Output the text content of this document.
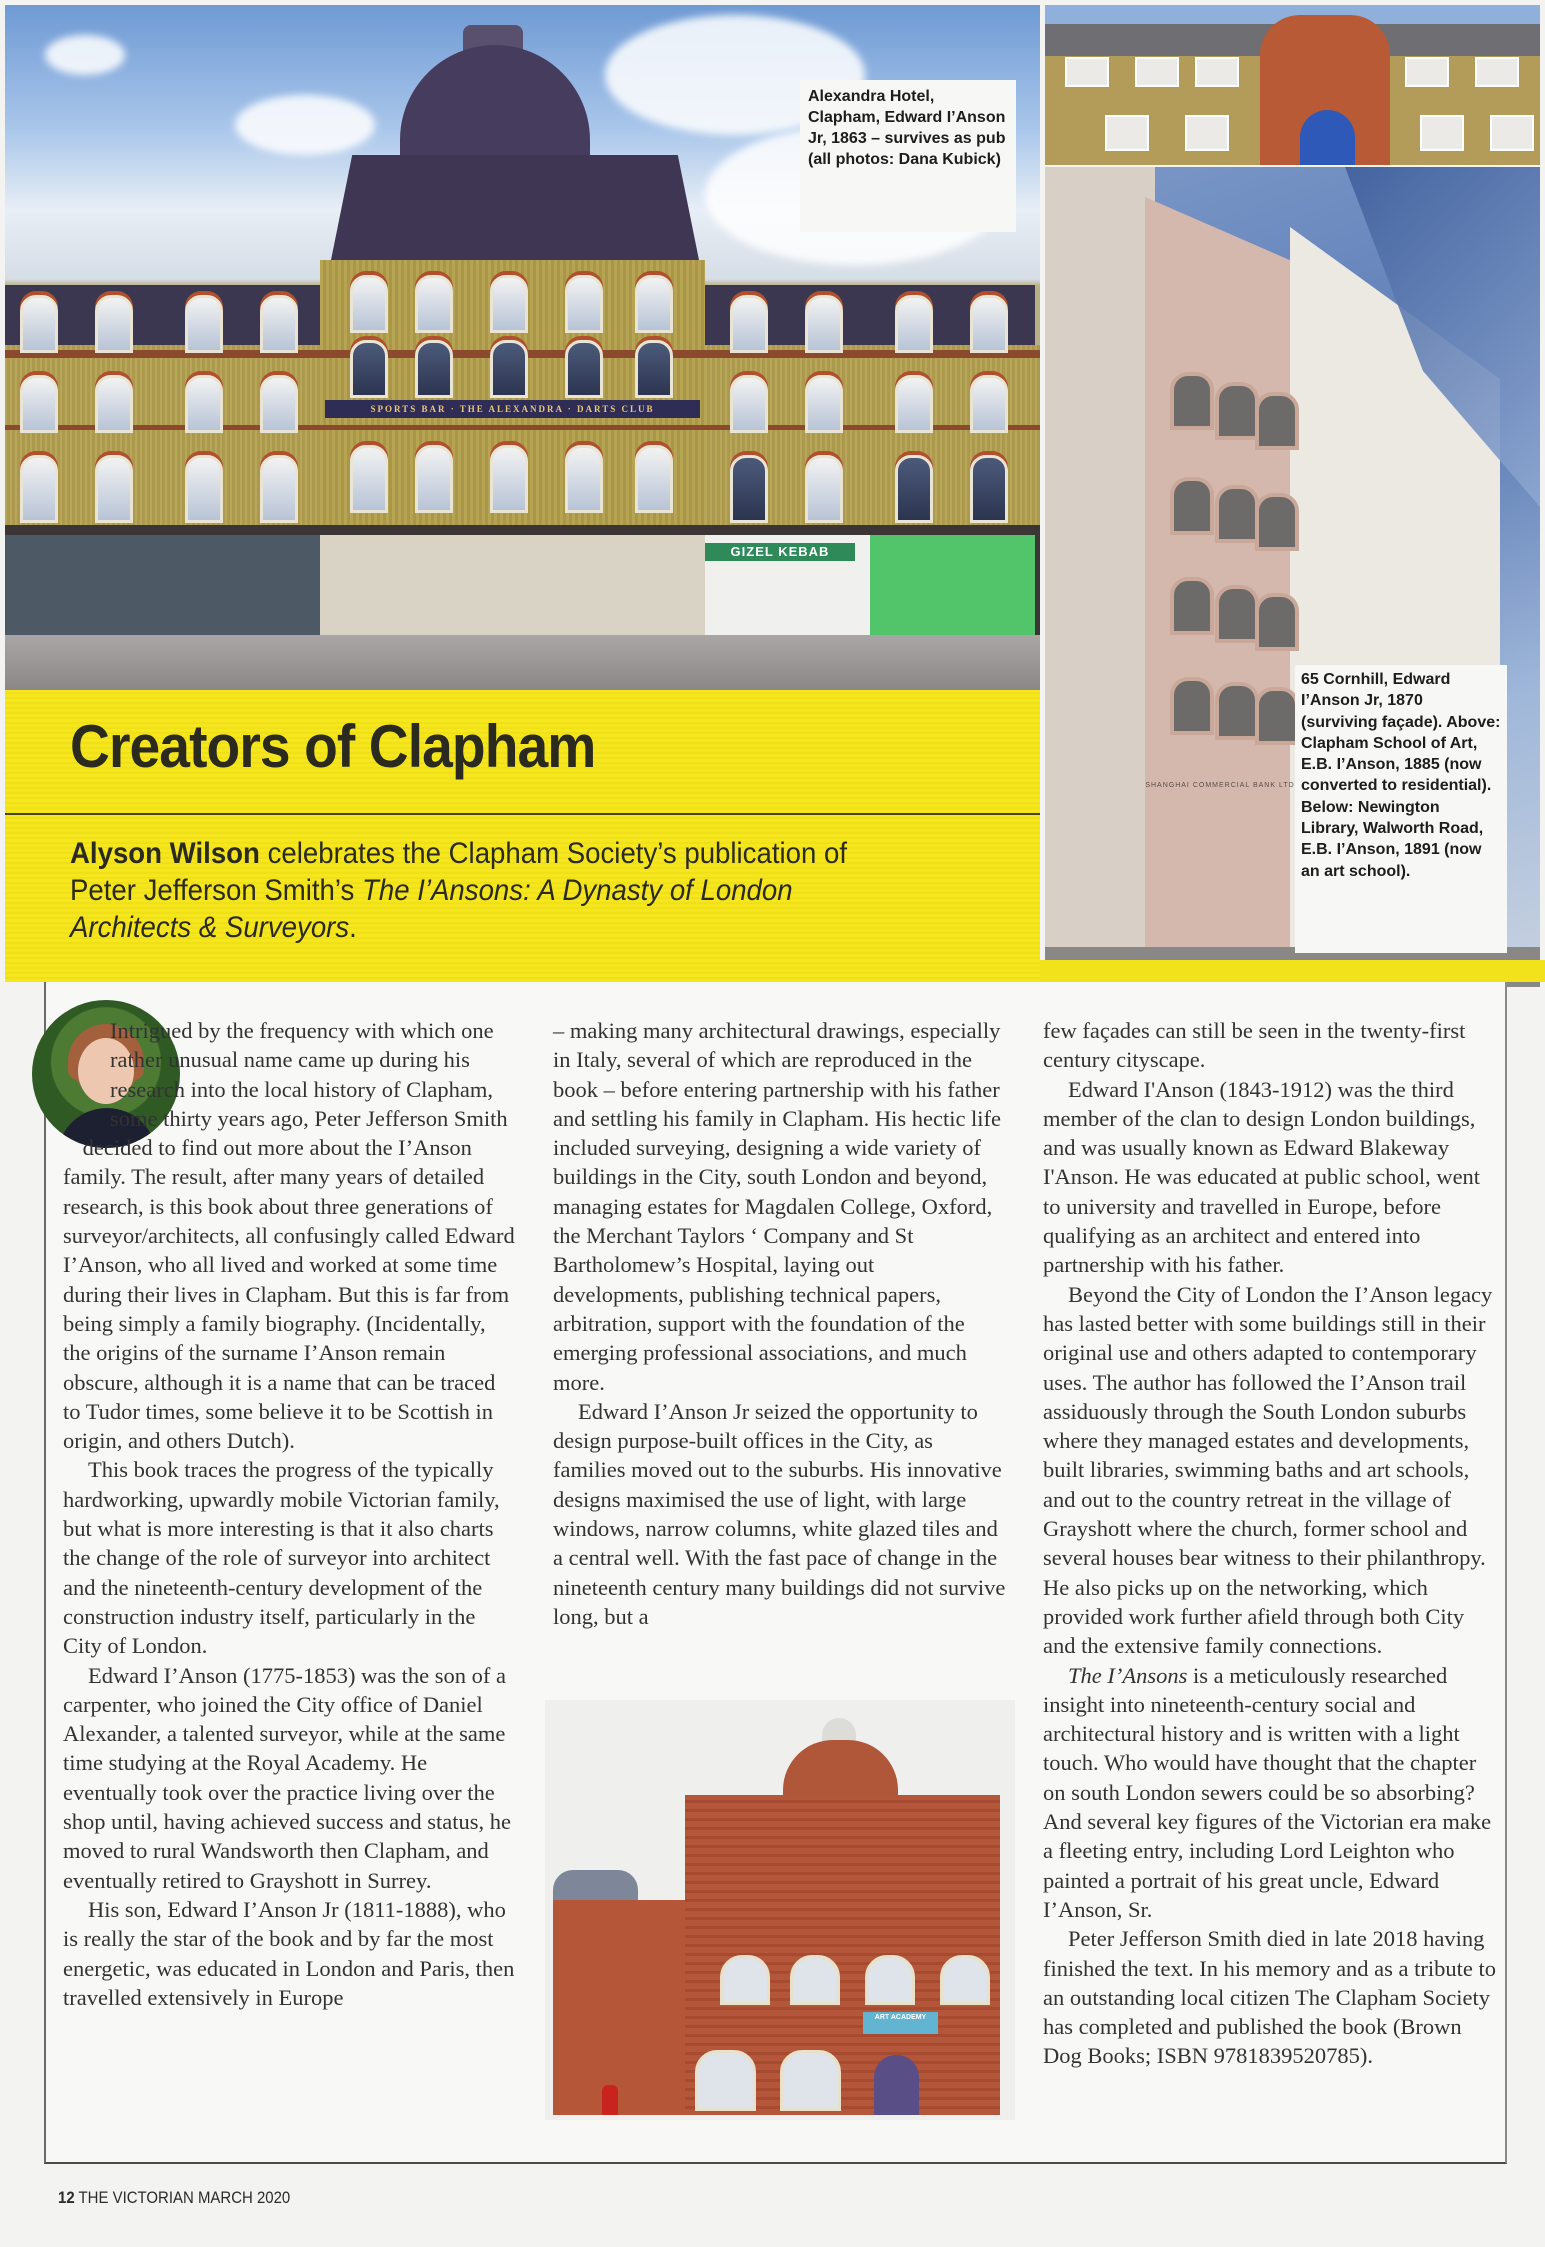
SPORTS BAR · THE ALEXANDRA · DARTS CLUB
GIZEL KEBAB
Alexandra Hotel, Clapham, Edward I’Anson Jr, 1863 – survives as pub (all photos: Dana Kubick)
SHANGHAI COMMERCIAL BANK LTD
65 Cornhill, Edward I’Anson Jr, 1870 (surviving façade). Above: Clapham School of Art, E.B. I’Anson, 1885 (now converted to residential). Below: Newington Library, Walworth Road, E.B. I’Anson, 1891 (now an art school).
Creators of Clapham
Alyson Wilson celebrates the Clapham Society’s publication of Peter Jefferson Smith’s The I’Ansons: A Dynasty of London Architects & Surveyors.

Intrigued by the frequency with which one rather unusual name came up during his research into the local history of Clapham, some thirty years ago, Peter Jefferson Smith decided to find out more about the I’Anson family. The result, after many years of detailed research, is this book about three generations of surveyor/architects, all confusingly called Edward I’Anson, who all lived and worked at some time during their lives in Clapham. But this is far from being simply a family biography. (Incidentally, the origins of the surname I’Anson remain obscure, although it is a name that can be traced to Tudor times, some believe it to be Scottish in origin, and others Dutch).

This book traces the progress of the typically hardworking, upwardly mobile Victorian family, but what is more interesting is that it also charts the change of the role of surveyor into architect and the nineteenth-century development of the construction industry itself, particularly in the City of London.

Edward I’Anson (1775-1853) was the son of a carpenter, who joined the City office of Daniel Alexander, a talented surveyor, while at the same time studying at the Royal Academy. He eventually took over the practice living over the shop until, having achieved success and status, he moved to rural Wandsworth then Clapham, and eventually retired to Grayshott in Surrey.

His son, Edward I’Anson Jr (1811-1888), who is really the star of the book and by far the most energetic, was educated in London and Paris, then travelled extensively in Europe

– making many architectural drawings, especially in Italy, several of which are reproduced in the book – before entering partnership with his father and settling his family in Clapham. His hectic life included surveying, designing a wide variety of buildings in the City, south London and beyond, managing estates for Magdalen College, Oxford, the Merchant Taylors ‘ Company and St Bartholomew’s Hospital, laying out developments, publishing technical papers, arbitration, support with the foundation of the emerging professional associations, and much more.

Edward I’Anson Jr seized the opportunity to design purpose-built offices in the City, as families moved out to the suburbs. His innovative designs maximised the use of light, with large windows, narrow columns, white glazed tiles and a central well. With the fast pace of change in the nineteenth century many buildings did not survive long, but a

ART ACADEMY

few façades can still be seen in the twenty-first century cityscape.

Edward I'Anson (1843-1912) was the third member of the clan to design London buildings, and was usually known as Edward Blakeway I'Anson. He was educated at public school, went to university and travelled in Europe, before qualifying as an architect and entered into partnership with his father.

Beyond the City of London the I’Anson legacy has lasted better with some buildings still in their original use and others adapted to contemporary uses. The author has followed the I’Anson trail assiduously through the South London suburbs where they managed estates and developments, built libraries, swimming baths and art schools, and out to the country retreat in the village of Grayshott where the church, former school and several houses bear witness to their philanthropy. He also picks up on the networking, which provided work further afield through both City and the extensive family connections.

The I’Ansons is a meticulously researched insight into nineteenth-century social and architectural history and is written with a light touch. Who would have thought that the chapter on south London sewers could be so absorbing? And several key figures of the Victorian era make a fleeting entry, including Lord Leighton who painted a portrait of his great uncle, Edward I’Anson, Sr.

Peter Jefferson Smith died in late 2018 having finished the text. In his memory and as a tribute to an outstanding local citizen The Clapham Society has completed and published the book (Brown Dog Books; ISBN 9781839520785).

12 THE VICTORIAN MARCH 2020
